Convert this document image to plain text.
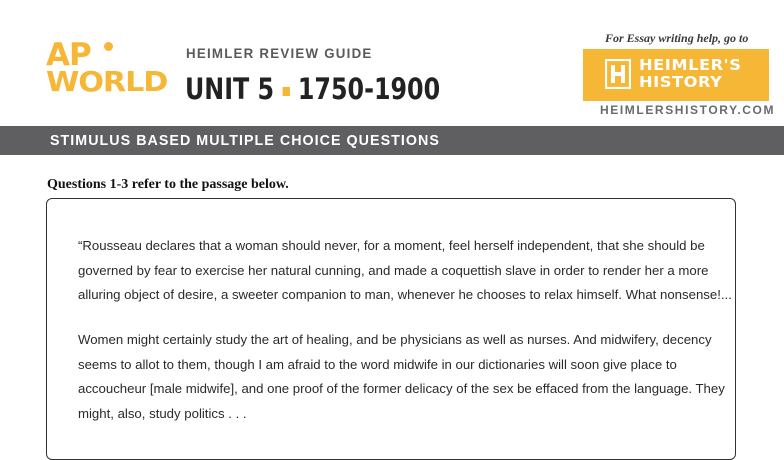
AP
WORLD
HEIMLER REVIEW GUIDE
UNIT 5 1750-1900
For Essay writing help, go to
HEIMLER'S
HISTORY
HEIMLERSHISTORY.COM
STIMULUS BASED MULTIPLE CHOICE QUESTIONS
Questions 1-3 refer to the passage below.

“Rousseau declares that a woman should never, for a moment, feel herself independent, that she should be
governed by fear to exercise her natural cunning, and made a coquettish slave in order to render her a more
alluring object of desire, a sweeter companion to man, whenever he chooses to relax himself. What nonsense!...

Women might certainly study the art of healing, and be physicians as well as nurses. And midwifery, decency
seems to allot to them, though I am afraid to the word midwife in our dictionaries will soon give place to
accoucheur [male midwife], and one proof of the former delicacy of the sex be effaced from the language. They
might, also, study politics . . .
